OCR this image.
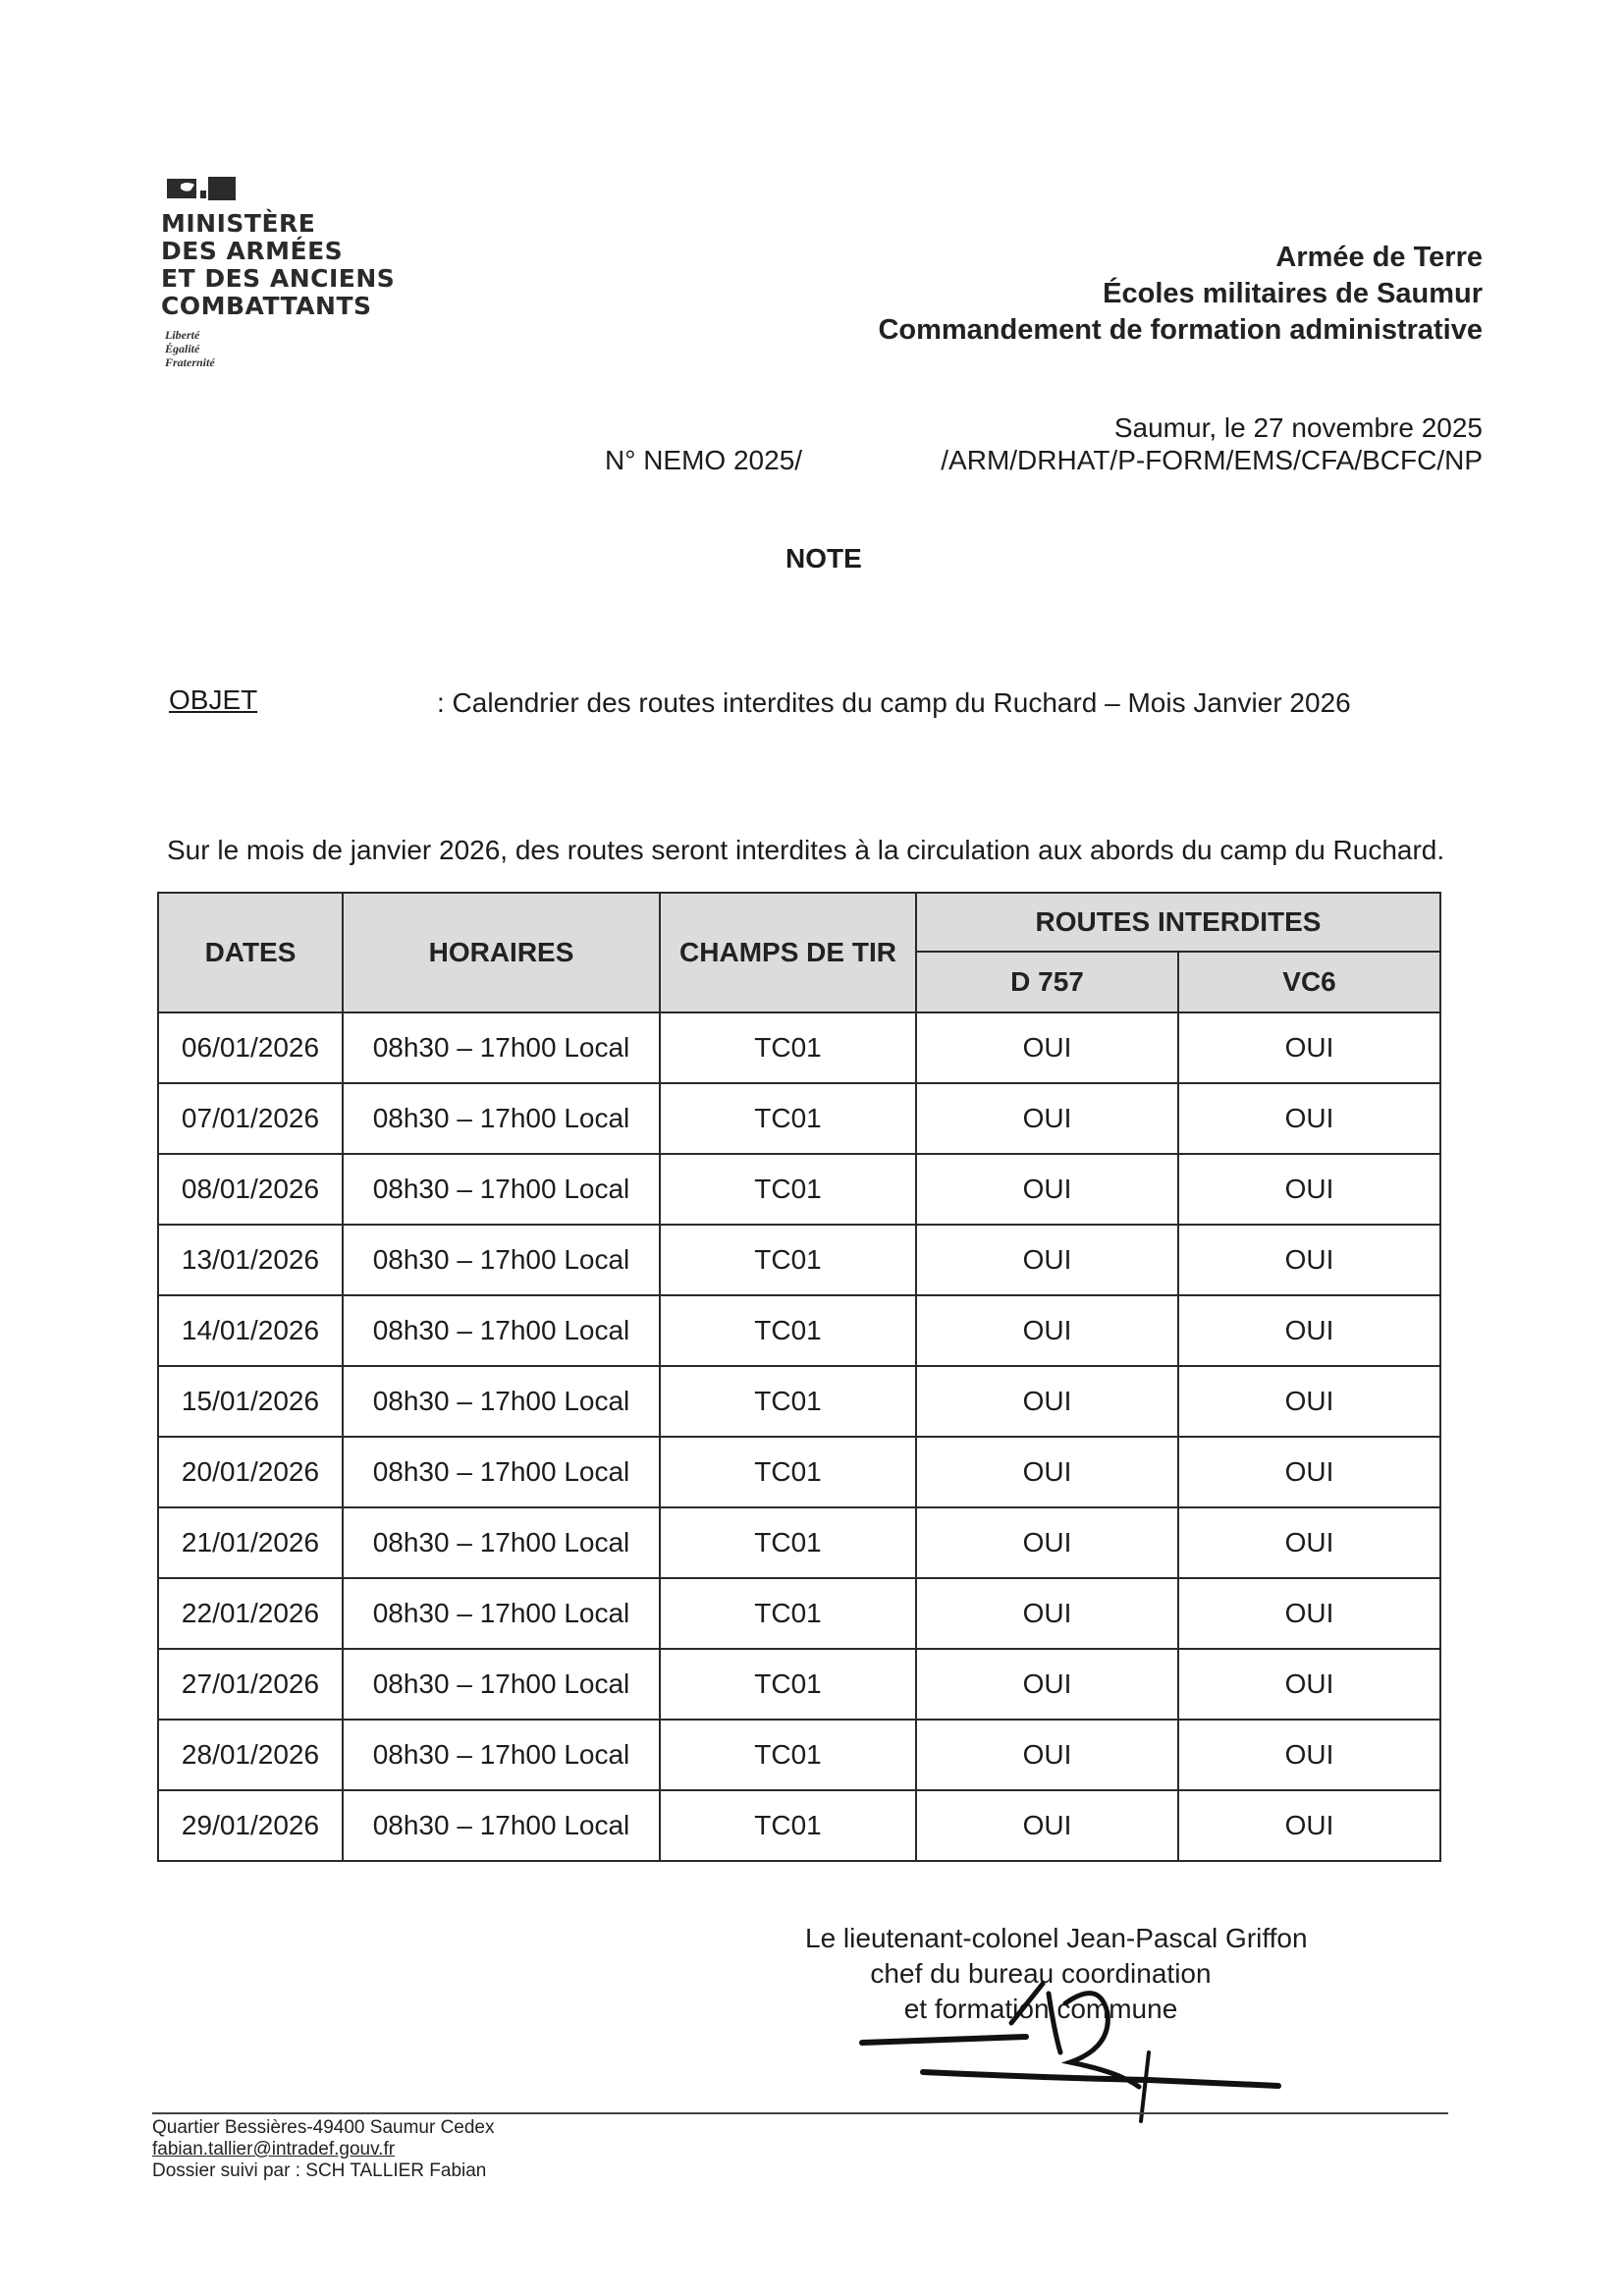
MINISTÈRE
DES ARMÉES
ET DES ANCIENS
COMBATTANTS
Liberté
Égalité
Fraternité
Armée de Terre
Écoles militaires de Saumur
Commandement de formation administrative
Saumur, le 27 novembre 2025
N° NEMO 2025/	/ARM/DRHAT/P-FORM/EMS/CFA/BCFC/NP
NOTE
OBJET	: Calendrier des routes interdites du camp du Ruchard – Mois Janvier 2026
Sur le mois de janvier 2026, des routes seront interdites à la circulation aux abords du camp du Ruchard.
DATES	HORAIRES	CHAMPS DE TIR	ROUTES INTERDITES	
			D 757	VC6
06/01/2026	08h30 – 17h00 Local	TC01	OUI	OUI
07/01/2026	08h30 – 17h00 Local	TC01	OUI	OUI
08/01/2026	08h30 – 17h00 Local	TC01	OUI	OUI
13/01/2026	08h30 – 17h00 Local	TC01	OUI	OUI
14/01/2026	08h30 – 17h00 Local	TC01	OUI	OUI
15/01/2026	08h30 – 17h00 Local	TC01	OUI	OUI
20/01/2026	08h30 – 17h00 Local	TC01	OUI	OUI
21/01/2026	08h30 – 17h00 Local	TC01	OUI	OUI
22/01/2026	08h30 – 17h00 Local	TC01	OUI	OUI
27/01/2026	08h30 – 17h00 Local	TC01	OUI	OUI
28/01/2026	08h30 – 17h00 Local	TC01	OUI	OUI
29/01/2026	08h30 – 17h00 Local	TC01	OUI	OUI
Le lieutenant-colonel Jean-Pascal Griffon
chef du bureau coordination
et formation commune
Quartier Bessières-49400 Saumur Cedex
fabian.tallier@intradef.gouv.fr
Dossier suivi par : SCH TALLIER Fabian
